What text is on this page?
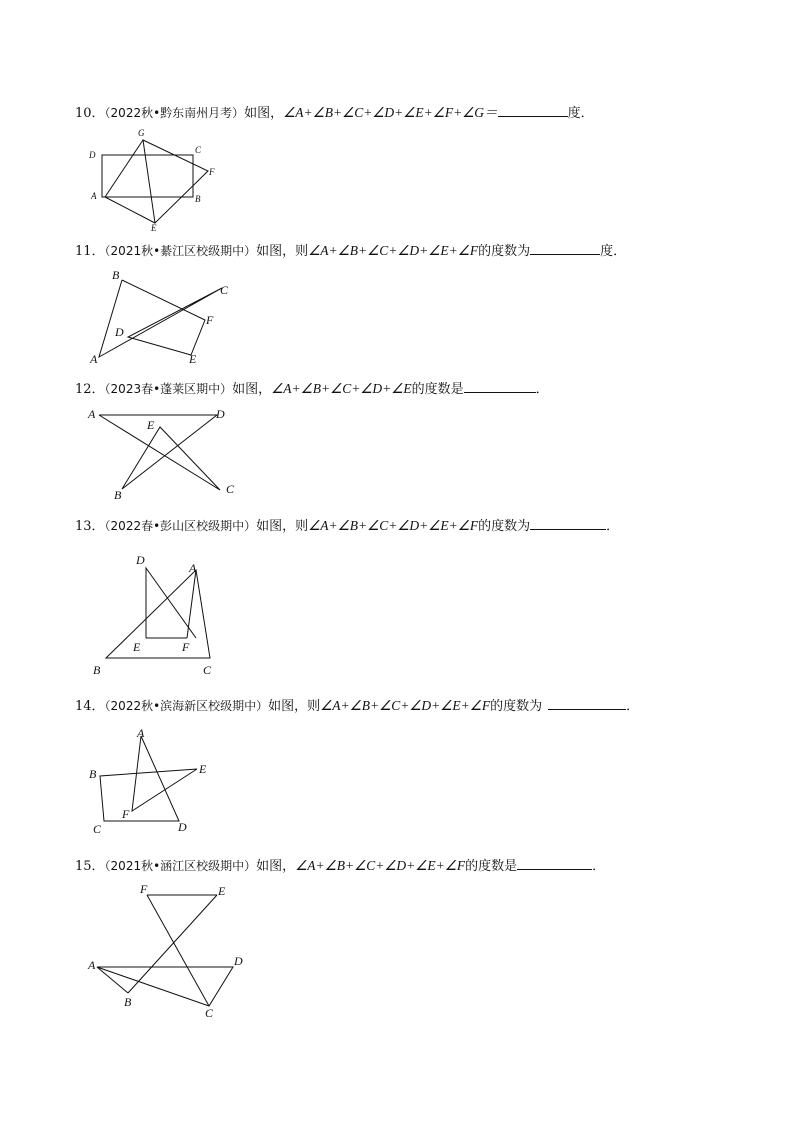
10．（2022秋•黔东南州月考）如图，∠A+∠B+∠C+∠D+∠E+∠F+∠G＝	度．
G
D	C
F
A	B
E
11．（2021秋•綦江区校级期中）如图，则∠A+∠B+∠C+∠D+∠E+∠F的度数为	度．
B
C
F
D
A	E
12．（2023春•蓬莱区期中）如图，∠A+∠B+∠C+∠D+∠E的度数是	．
A	D
E
B	C
13．（2022春•彭山区校级期中）如图，则∠A+∠B+∠C+∠D+∠E+∠F的度数为	．
D
A
E	F
B	C
14．（2022秋•滨海新区校级期中）如图，则∠A+∠B+∠C+∠D+∠E+∠F的度数为	．
A
B	E
F
C	D
15．（2021秋•涵江区校级期中）如图，∠A+∠B+∠C+∠D+∠E+∠F的度数是	．
F	E
A	D
B
C
